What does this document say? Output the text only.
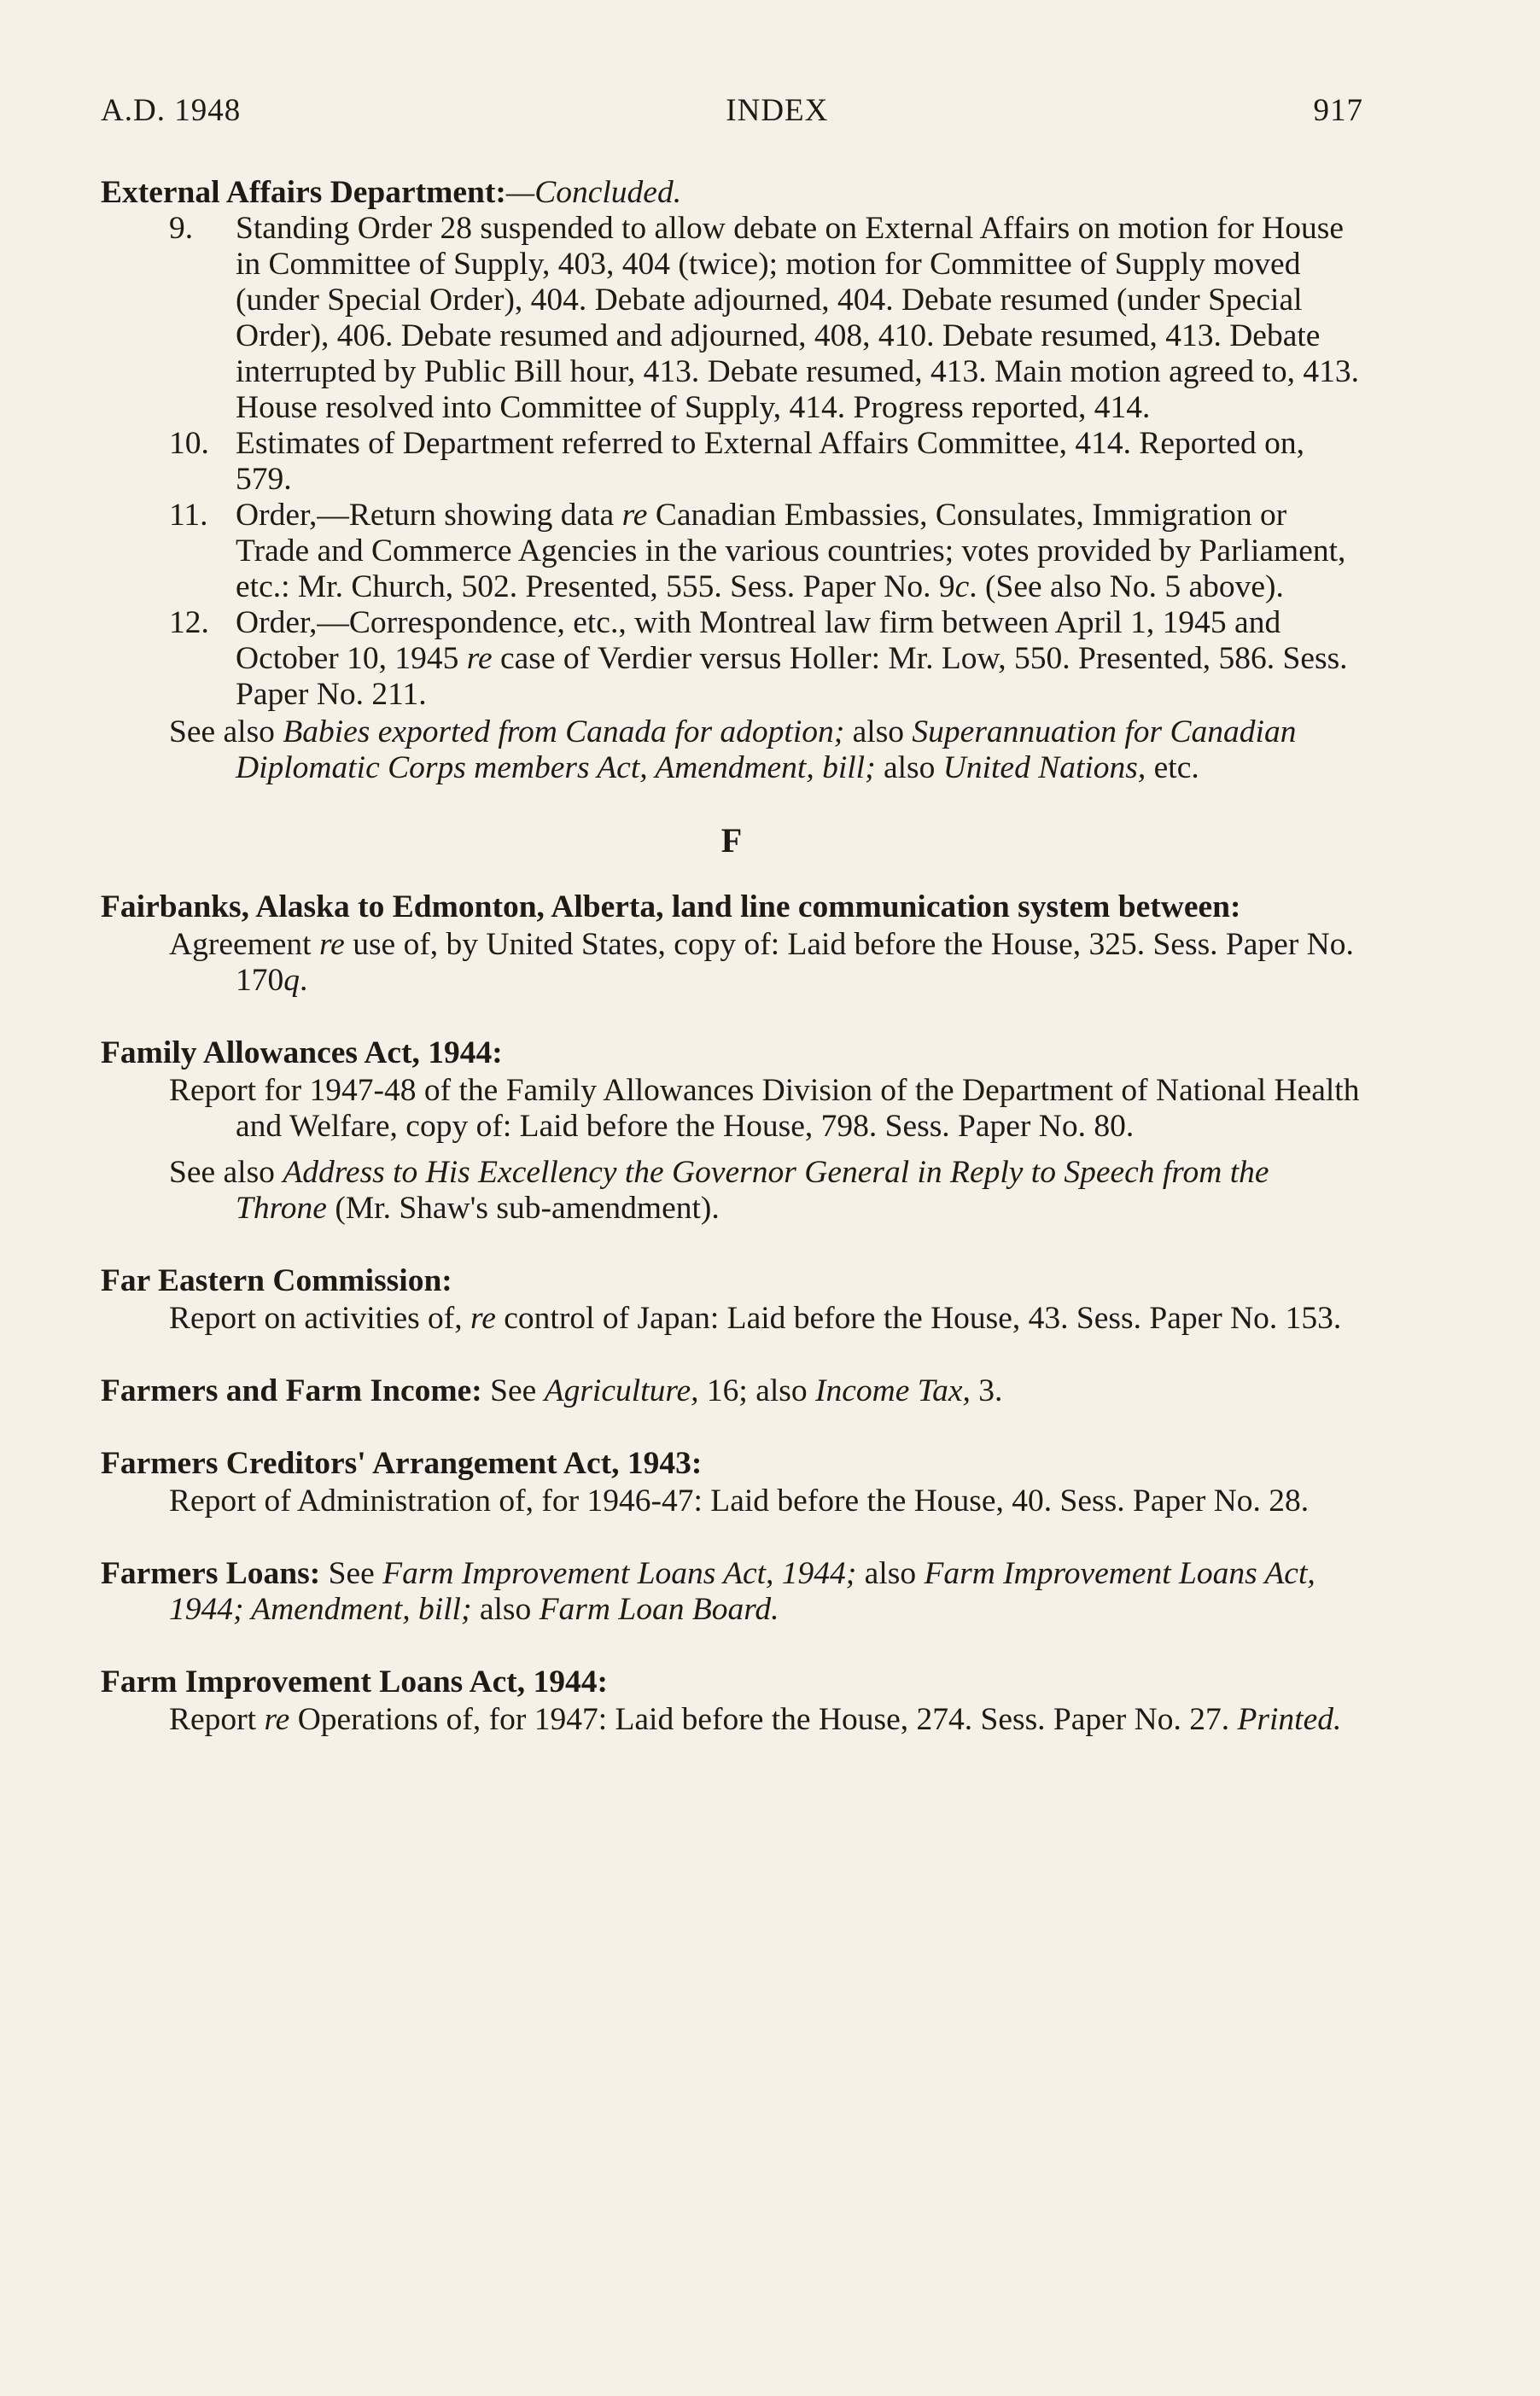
A.D. 1948	INDEX	917
External Affairs Department:—Concluded.
9.	Standing Order 28 suspended to allow debate on External Affairs on motion for House in Committee of Supply, 403, 404 (twice); motion for Committee of Supply moved (under Special Order), 404. Debate adjourned, 404. Debate resumed (under Special Order), 406. Debate resumed and adjourned, 408, 410. Debate resumed, 413. Debate interrupted by Public Bill hour, 413. Debate resumed, 413. Main motion agreed to, 413. House resolved into Committee of Supply, 414. Progress reported, 414.
10. Estimates of Department referred to External Affairs Committee, 414. Reported on, 579.
11. Order,—Return showing data re Canadian Embassies, Consulates, Immigration or Trade and Commerce Agencies in the various countries; votes provided by Parliament, etc.: Mr. Church, 502. Presented, 555. Sess. Paper No. 9c. (See also No. 5 above).
12. Order,—Correspondence, etc., with Montreal law firm between April 1, 1945 and October 10, 1945 re case of Verdier versus Holler: Mr. Low, 550. Presented, 586. Sess. Paper No. 211.
See also Babies exported from Canada for adoption; also Superannuation for Canadian Diplomatic Corps members Act, Amendment, bill; also United Nations, etc.
F
Fairbanks, Alaska to Edmonton, Alberta, land line communication system between:
Agreement re use of, by United States, copy of: Laid before the House, 325. Sess. Paper No. 170q.
Family Allowances Act, 1944:
Report for 1947-48 of the Family Allowances Division of the Department of National Health and Welfare, copy of: Laid before the House, 798. Sess. Paper No. 80.
See also Address to His Excellency the Governor General in Reply to Speech from the Throne (Mr. Shaw's sub-amendment).
Far Eastern Commission:
Report on activities of, re control of Japan: Laid before the House, 43. Sess. Paper No. 153.
Farmers and Farm Income: See Agriculture, 16; also Income Tax, 3.
Farmers Creditors' Arrangement Act, 1943:
Report of Administration of, for 1946-47: Laid before the House, 40. Sess. Paper No. 28.
Farmers Loans: See Farm Improvement Loans Act, 1944; also Farm Improvement Loans Act, 1944; Amendment, bill; also Farm Loan Board.
Farm Improvement Loans Act, 1944:
Report re Operations of, for 1947: Laid before the House, 274. Sess. Paper No. 27. Printed.
